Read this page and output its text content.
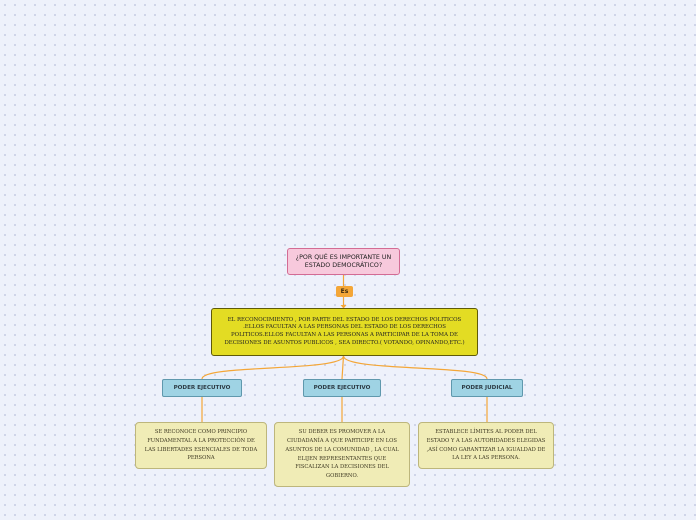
¿POR QUÉ ES IMPORTANTE UN ESTADO DEMOCRÁTICO?
Es
EL RECONOCIMIENTO , POR PARTE DEL ESTADO DE LOS DERECHOS POLITICOS .ELLOS FACULTAN A LAS PERSONAS DEL ESTADO DE LOS DERECHOS POLITICOS.ELLOS FACULTAN A LAS PERSONAS A PARTICIPAR DE LA TOMA DE DECISIONES DE ASUNTOS PUBLICOS , SEA DIRECTO.( VOTANDO, OPINANDO,ETC.)
PODER EJECUTIVO	PODER EJECUTIVO	PODER JUDICIAL
SE RECONOCE COMO PRINCIPIO FUNDAMENTAL A LA PROTECCIÓN DE LAS LIBERTADES ESENCIALES DE TODA PERSONA
SU DEBER ES PROMOVER A LA CIUDADANÍA A QUE PARTICIPE EN LOS ASUNTOS DE LA COMUNIDAD , LA CUAL ELIJEN REPRESENTANTES QUE FISCALIZAN LA DECISIONES DEL GOBIERNO.
ESTABLECE LÍMITES AL PODER DEL ESTADO Y A LAS AUTORIDADES ELEGIDAS ,ASÍ COMO GARANTIZAR LA IGUALDAD DE LA LEY A LAS PERSONA.
